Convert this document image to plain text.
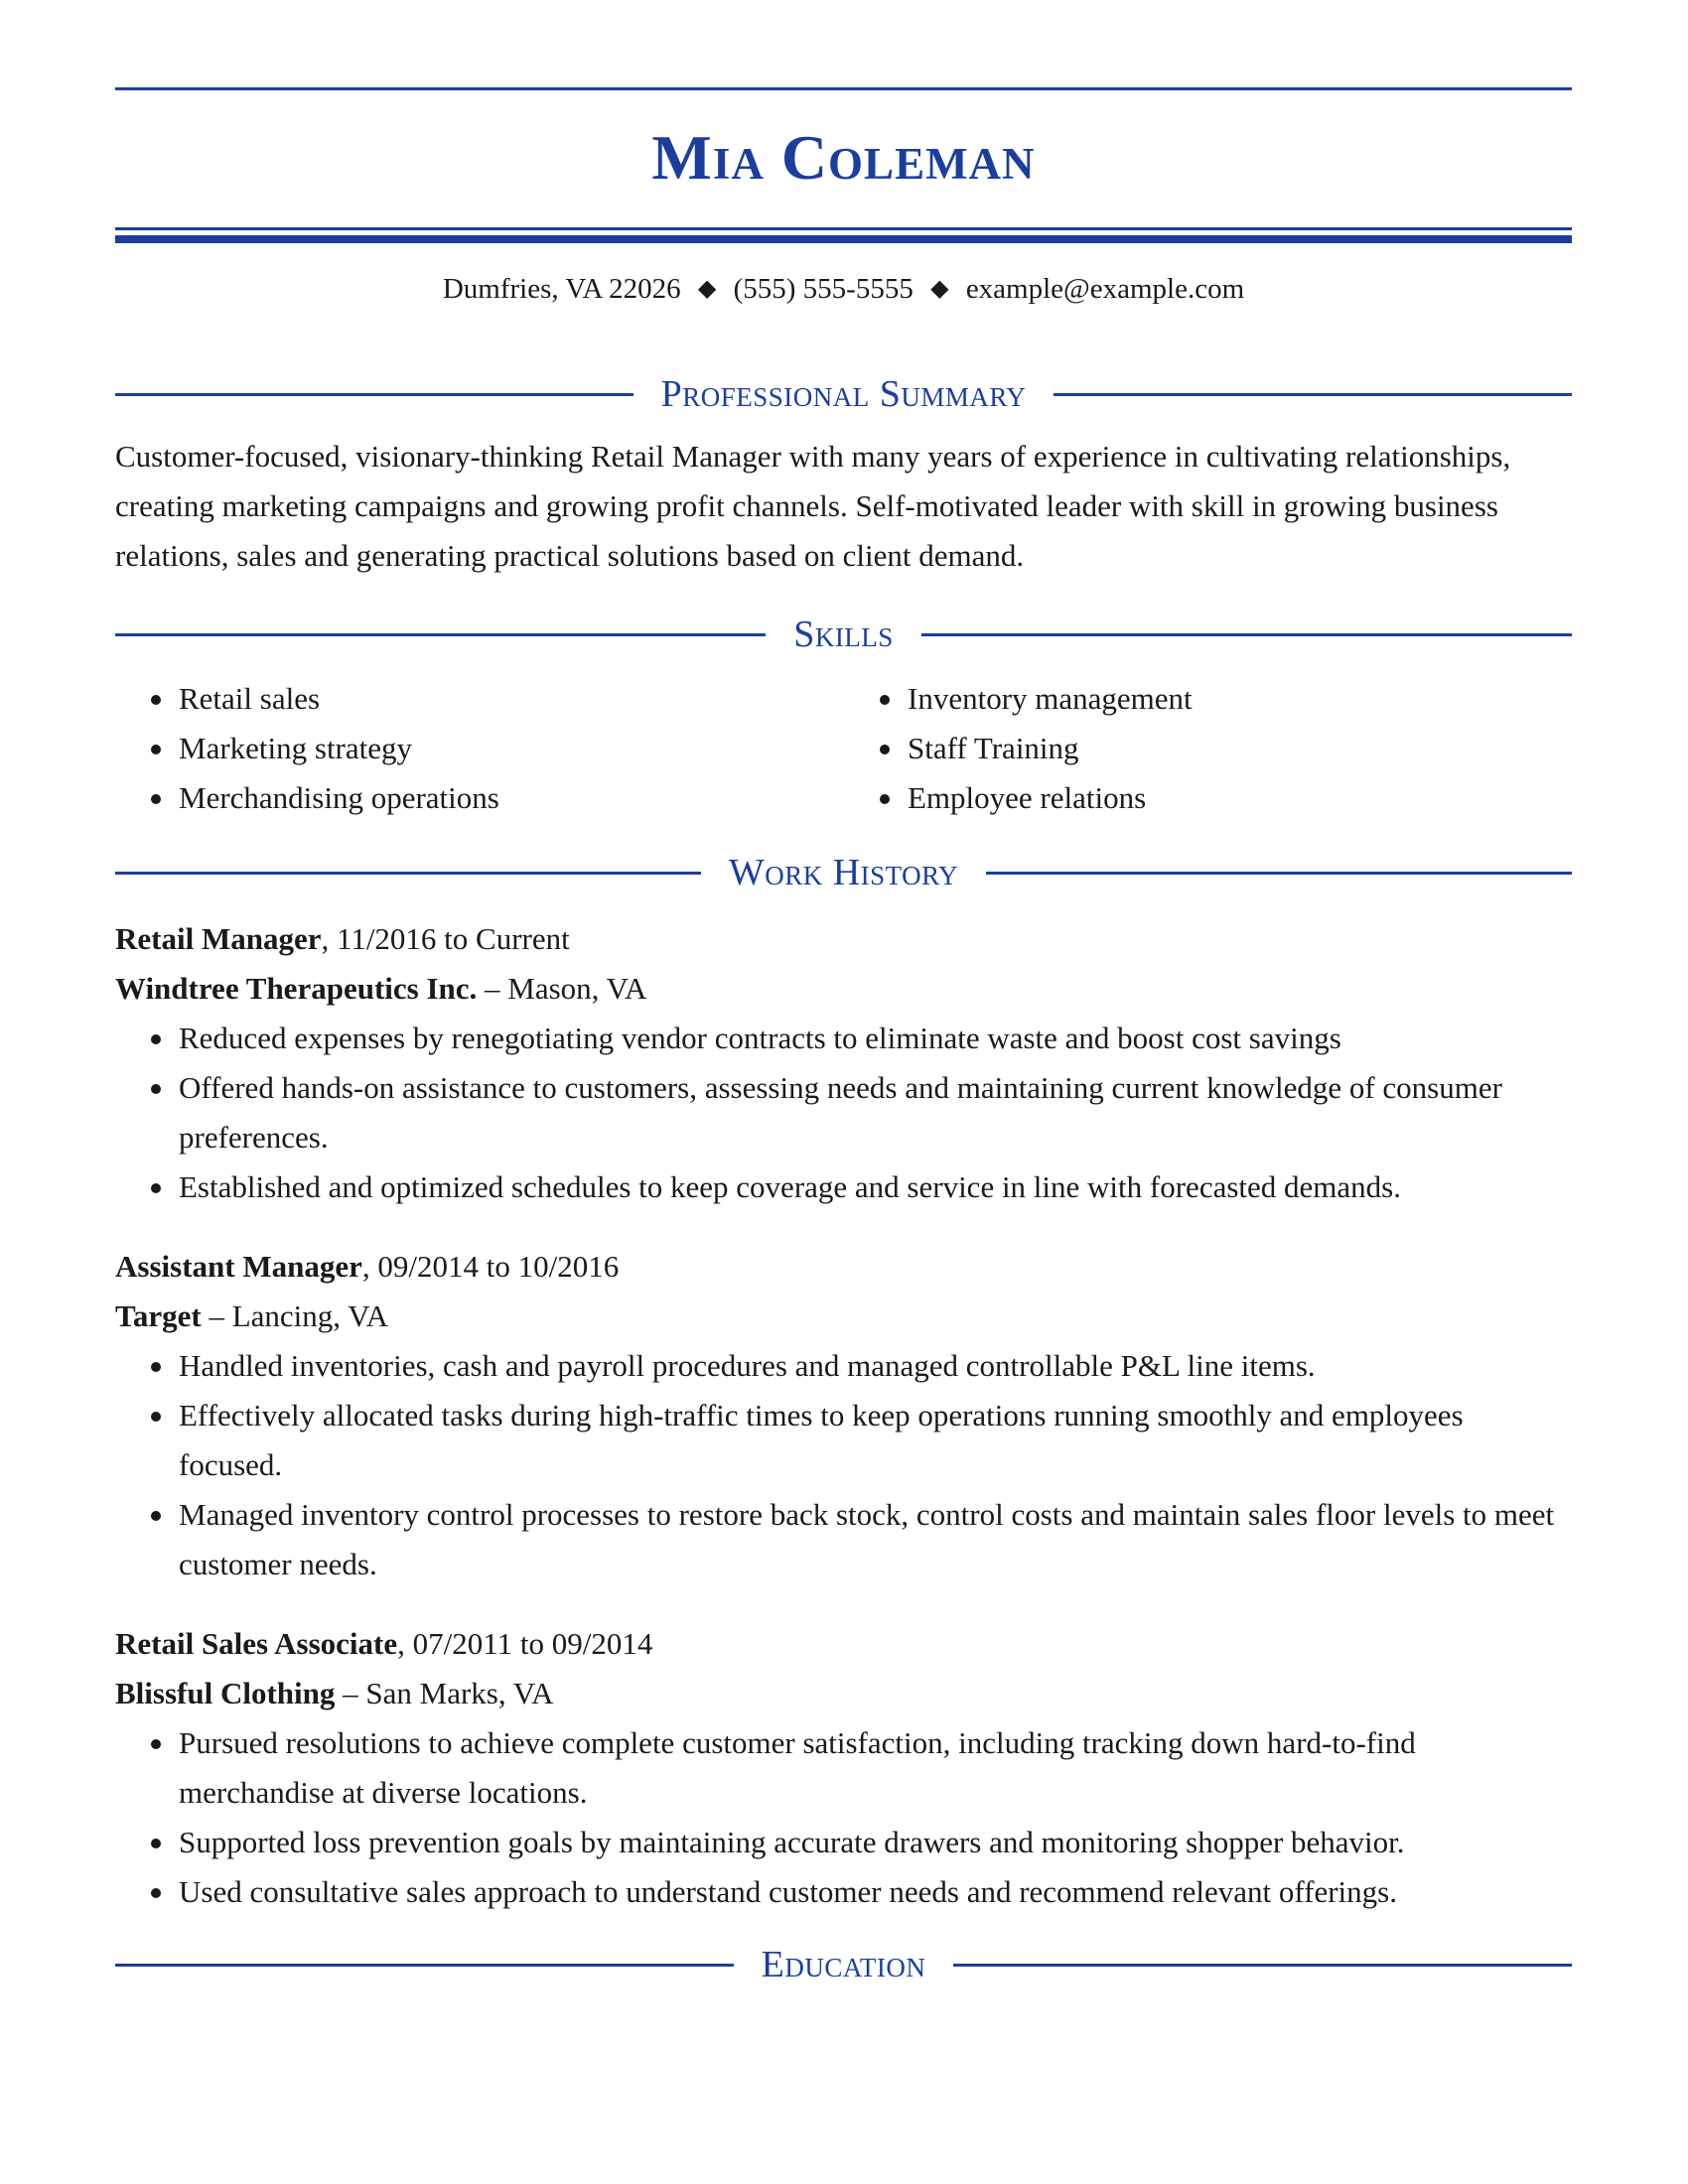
Mia Coleman
Dumfries, VA 22026 ◆ (555) 555-5555 ◆ example@example.com
Professional Summary
Customer-focused, visionary-thinking Retail Manager with many years of experience in cultivating relationships, creating marketing campaigns and growing profit channels. Self-motivated leader with skill in growing business relations, sales and generating practical solutions based on client demand.
Skills
Retail sales
Marketing strategy
Merchandising operations
Inventory management
Staff Training
Employee relations
Work History
Retail Manager, 11/2016 to Current
Windtree Therapeutics Inc. – Mason, VA
Reduced expenses by renegotiating vendor contracts to eliminate waste and boost cost savings
Offered hands-on assistance to customers, assessing needs and maintaining current knowledge of consumer preferences.
Established and optimized schedules to keep coverage and service in line with forecasted demands.
Assistant Manager, 09/2014 to 10/2016
Target – Lancing, VA
Handled inventories, cash and payroll procedures and managed controllable P&L line items.
Effectively allocated tasks during high-traffic times to keep operations running smoothly and employees focused.
Managed inventory control processes to restore back stock, control costs and maintain sales floor levels to meet customer needs.
Retail Sales Associate, 07/2011 to 09/2014
Blissful Clothing – San Marks, VA
Pursued resolutions to achieve complete customer satisfaction, including tracking down hard-to-find merchandise at diverse locations.
Supported loss prevention goals by maintaining accurate drawers and monitoring shopper behavior.
Used consultative sales approach to understand customer needs and recommend relevant offerings.
Education
